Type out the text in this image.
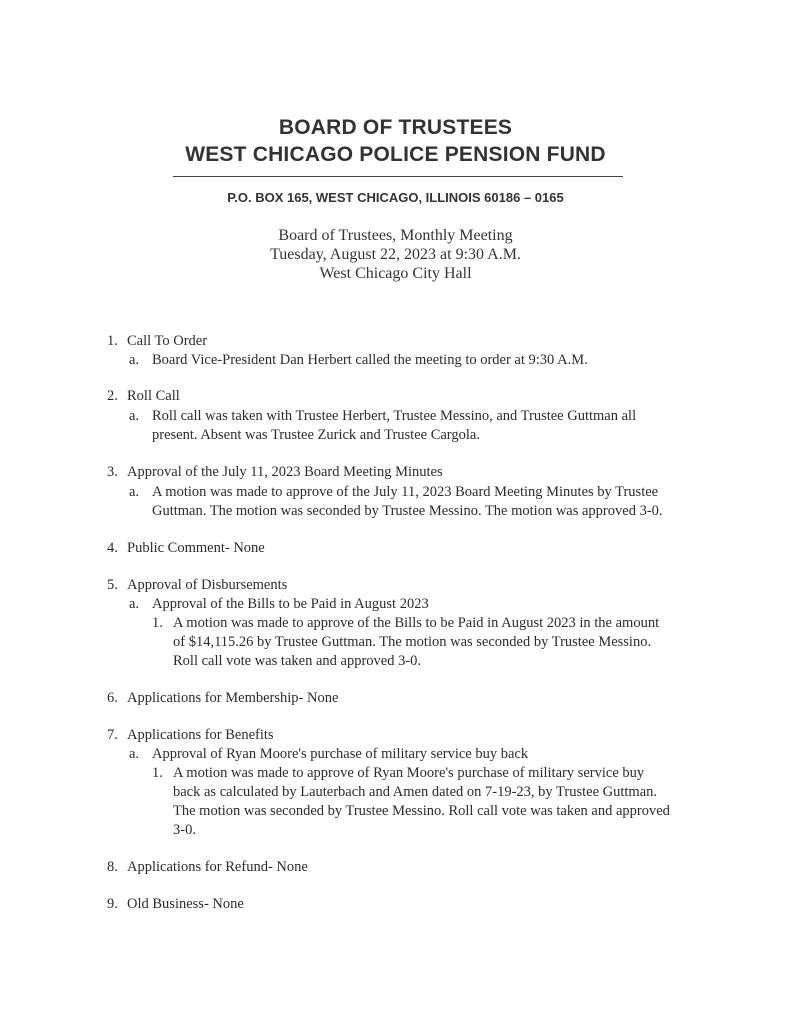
BOARD OF TRUSTEES
WEST CHICAGO POLICE PENSION FUND
P.O. BOX 165, WEST CHICAGO, ILLINOIS 60186 – 0165
Board of Trustees, Monthly Meeting
Tuesday, August 22, 2023 at 9:30 A.M.
West Chicago City Hall
1. Call To Order
a. Board Vice-President Dan Herbert called the meeting to order at 9:30 A.M.
2. Roll Call
a. Roll call was taken with Trustee Herbert, Trustee Messino, and Trustee Guttman all
present. Absent was Trustee Zurick and Trustee Cargola.
3. Approval of the July 11, 2023 Board Meeting Minutes
a. A motion was made to approve of the July 11, 2023 Board Meeting Minutes by Trustee
Guttman. The motion was seconded by Trustee Messino. The motion was approved 3-0.
4. Public Comment- None
5. Approval of Disbursements
a. Approval of the Bills to be Paid in August 2023
1. A motion was made to approve of the Bills to be Paid in August 2023 in the amount
of $14,115.26 by Trustee Guttman. The motion was seconded by Trustee Messino.
Roll call vote was taken and approved 3-0.
6. Applications for Membership- None
7. Applications for Benefits
a. Approval of Ryan Moore's purchase of military service buy back
1. A motion was made to approve of Ryan Moore's purchase of military service buy
back as calculated by Lauterbach and Amen dated on 7-19-23, by Trustee Guttman.
The motion was seconded by Trustee Messino. Roll call vote was taken and approved
3-0.
8. Applications for Refund- None
9. Old Business- None
